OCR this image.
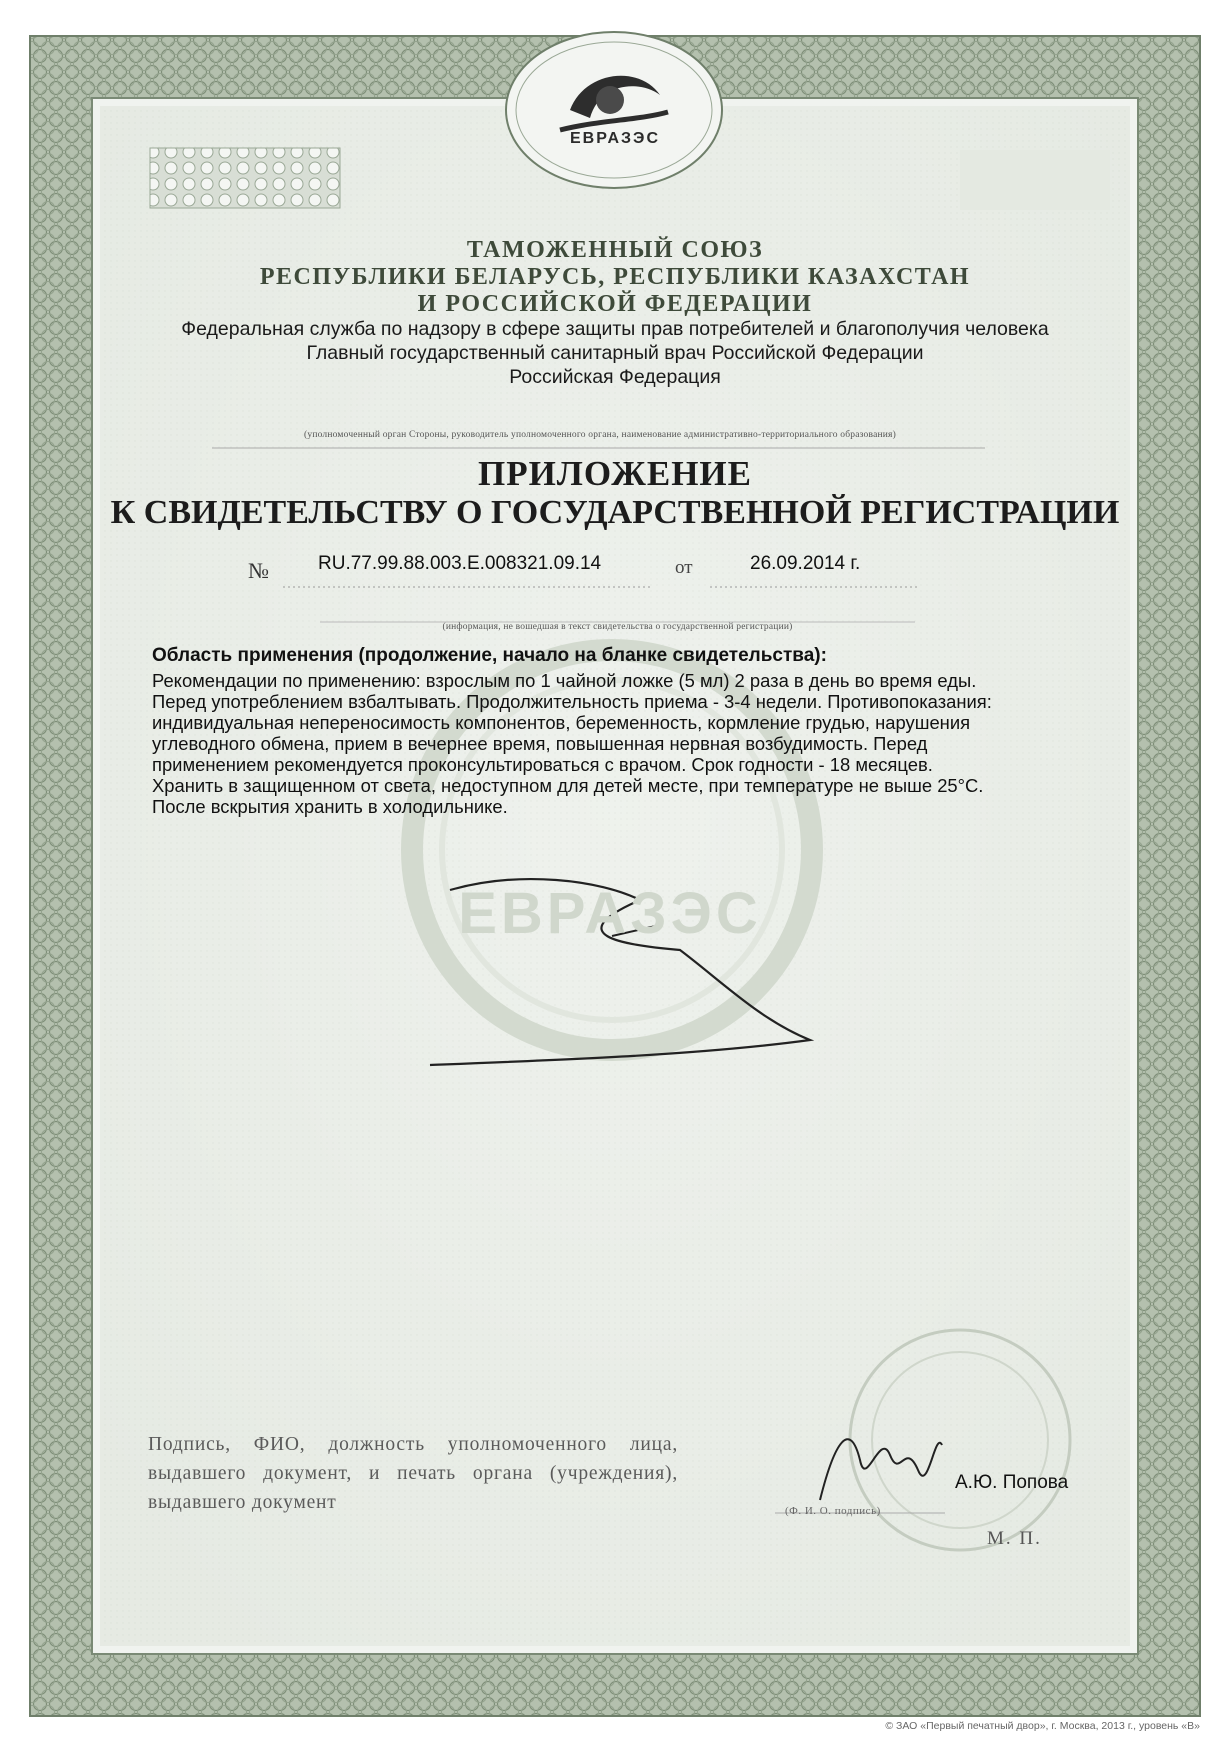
ЕВРАЗЭС
ЕВРАЗЭС
ТАМОЖЕННЫЙ СОЮЗ
РЕСПУБЛИКИ БЕЛАРУСЬ, РЕСПУБЛИКИ КАЗАХСТАН
И РОССИЙСКОЙ ФЕДЕРАЦИИ
Федеральная служба по надзору в сфере защиты прав потребителей и благополучия человека
Главный государственный санитарный врач Российской Федерации
Российская Федерация
(уполномоченный орган Стороны, руководитель уполномоченного органа, наименование административно-территориального образования)
ПРИЛОЖЕНИЕ
К СВИДЕТЕЛЬСТВУ О ГОСУДАРСТВЕННОЙ РЕГИСТРАЦИИ
№	RU.77.99.88.003.E.008321.09.14	от	26.09.2014 г.
(информация, не вошедшая в текст свидетельства о государственной регистрации)
Область применения (продолжение, начало на бланке свидетельства):
Рекомендации по применению: взрослым по 1 чайной ложке (5 мл) 2 раза в день во время еды.
Перед употреблением взбалтывать. Продолжительность приема - 3-4 недели. Противопоказания:
индивидуальная непереносимость компонентов, беременность, кормление грудью, нарушения
углеводного обмена, прием в вечернее время, повышенная нервная возбудимость. Перед
применением рекомендуется проконсультироваться с врачом. Срок годности - 18 месяцев.
Хранить в защищенном от света, недоступном для детей месте, при температуре не выше 25°С.
После вскрытия хранить в холодильнике.
Подпись, ФИО, должность уполномоченного лица, выдавшего документ, и печать органа (учреждения), выдавшего документ
А.Ю. Попова
(Ф. И. О. подпись)
М. П.
© ЗАО «Первый печатный двор», г. Москва, 2013 г., уровень «В»
